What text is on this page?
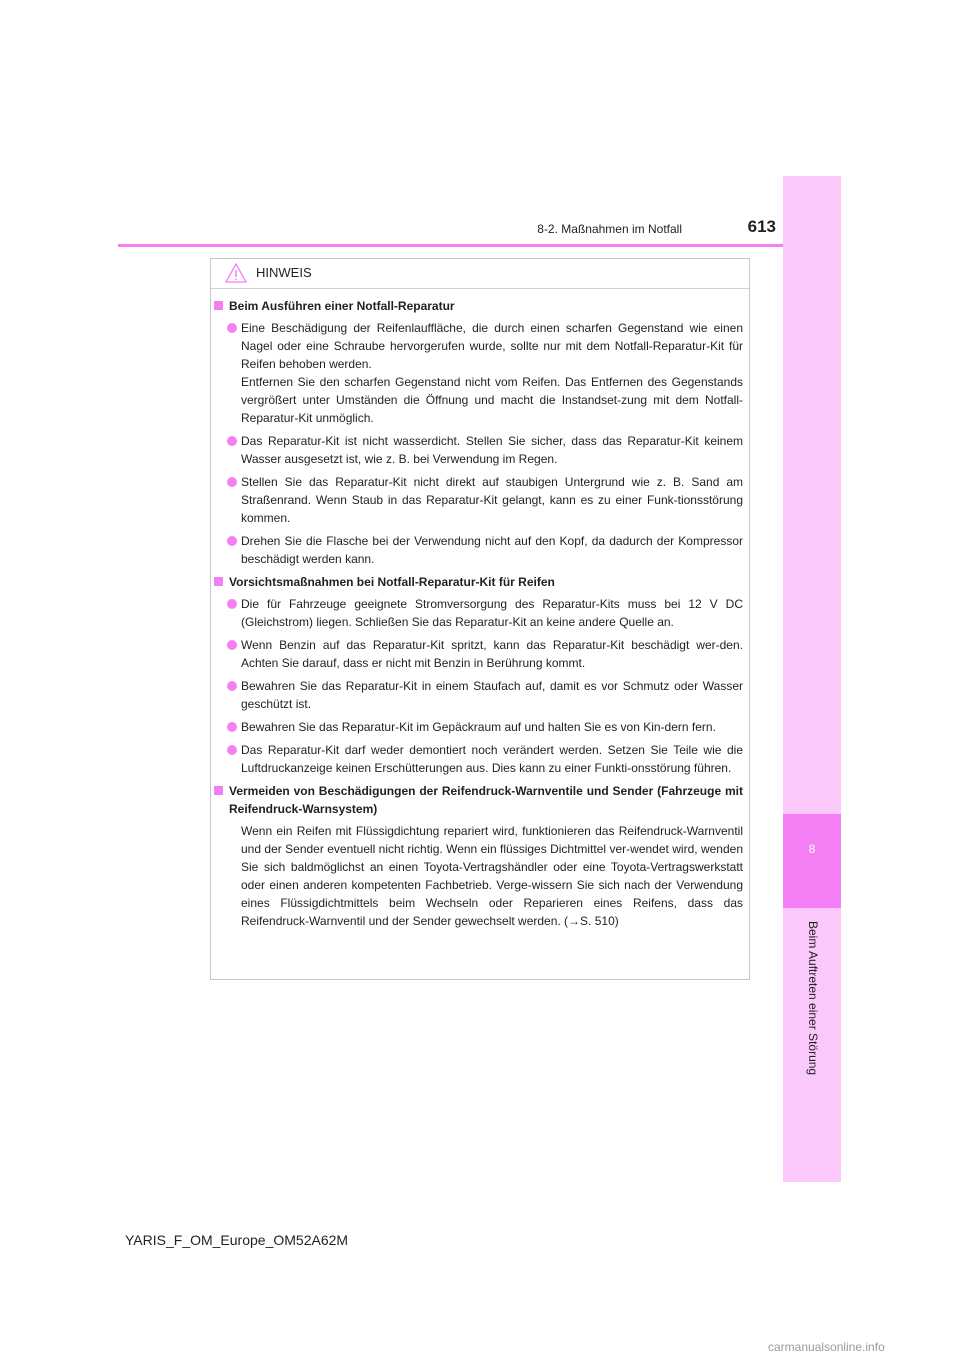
8
Beim Auftreten einer Störung
8-2. Maßnahmen im Notfall	613
HINWEIS
Beim Ausführen einer Notfall-Reparatur
Eine Beschädigung der Reifenlauffläche, die durch einen scharfen Gegenstand wie einen Nagel oder eine Schraube hervorgerufen wurde, sollte nur mit dem Notfall-Reparatur-Kit für Reifen behoben werden.
Entfernen Sie den scharfen Gegenstand nicht vom Reifen. Das Entfernen des Gegenstands vergrößert unter Umständen die Öffnung und macht die Instandset-zung mit dem Notfall-Reparatur-Kit unmöglich.
Das Reparatur-Kit ist nicht wasserdicht. Stellen Sie sicher, dass das Reparatur-Kit keinem Wasser ausgesetzt ist, wie z. B. bei Verwendung im Regen.
Stellen Sie das Reparatur-Kit nicht direkt auf staubigen Untergrund wie z. B. Sand am Straßenrand. Wenn Staub in das Reparatur-Kit gelangt, kann es zu einer Funk-tionsstörung kommen.
Drehen Sie die Flasche bei der Verwendung nicht auf den Kopf, da dadurch der Kompressor beschädigt werden kann.
Vorsichtsmaßnahmen bei Notfall-Reparatur-Kit für Reifen
Die für Fahrzeuge geeignete Stromversorgung des Reparatur-Kits muss bei 12 V DC (Gleichstrom) liegen. Schließen Sie das Reparatur-Kit an keine andere Quelle an.
Wenn Benzin auf das Reparatur-Kit spritzt, kann das Reparatur-Kit beschädigt wer-den. Achten Sie darauf, dass er nicht mit Benzin in Berührung kommt.
Bewahren Sie das Reparatur-Kit in einem Staufach auf, damit es vor Schmutz oder Wasser geschützt ist.
Bewahren Sie das Reparatur-Kit im Gepäckraum auf und halten Sie es von Kin-dern fern.
Das Reparatur-Kit darf weder demontiert noch verändert werden. Setzen Sie Teile wie die Luftdruckanzeige keinen Erschütterungen aus. Dies kann zu einer Funkti-onsstörung führen.
Vermeiden von Beschädigungen der Reifendruck-Warnventile und Sender (Fahrzeuge mit Reifendruck-Warnsystem)
Wenn ein Reifen mit Flüssigdichtung repariert wird, funktionieren das Reifendruck-Warnventil und der Sender eventuell nicht richtig. Wenn ein flüssiges Dichtmittel ver-wendet wird, wenden Sie sich baldmöglichst an einen Toyota-Vertragshändler oder eine Toyota-Vertragswerkstatt oder einen anderen kompetenten Fachbetrieb. Verge-wissern Sie sich nach der Verwendung eines Flüssigdichtmittels beim Wechseln oder Reparieren eines Reifens, dass das Reifendruck-Warnventil und der Sender gewechselt werden. (→S. 510)
YARIS_F_OM_Europe_OM52A62M
carmanualsonline.info
